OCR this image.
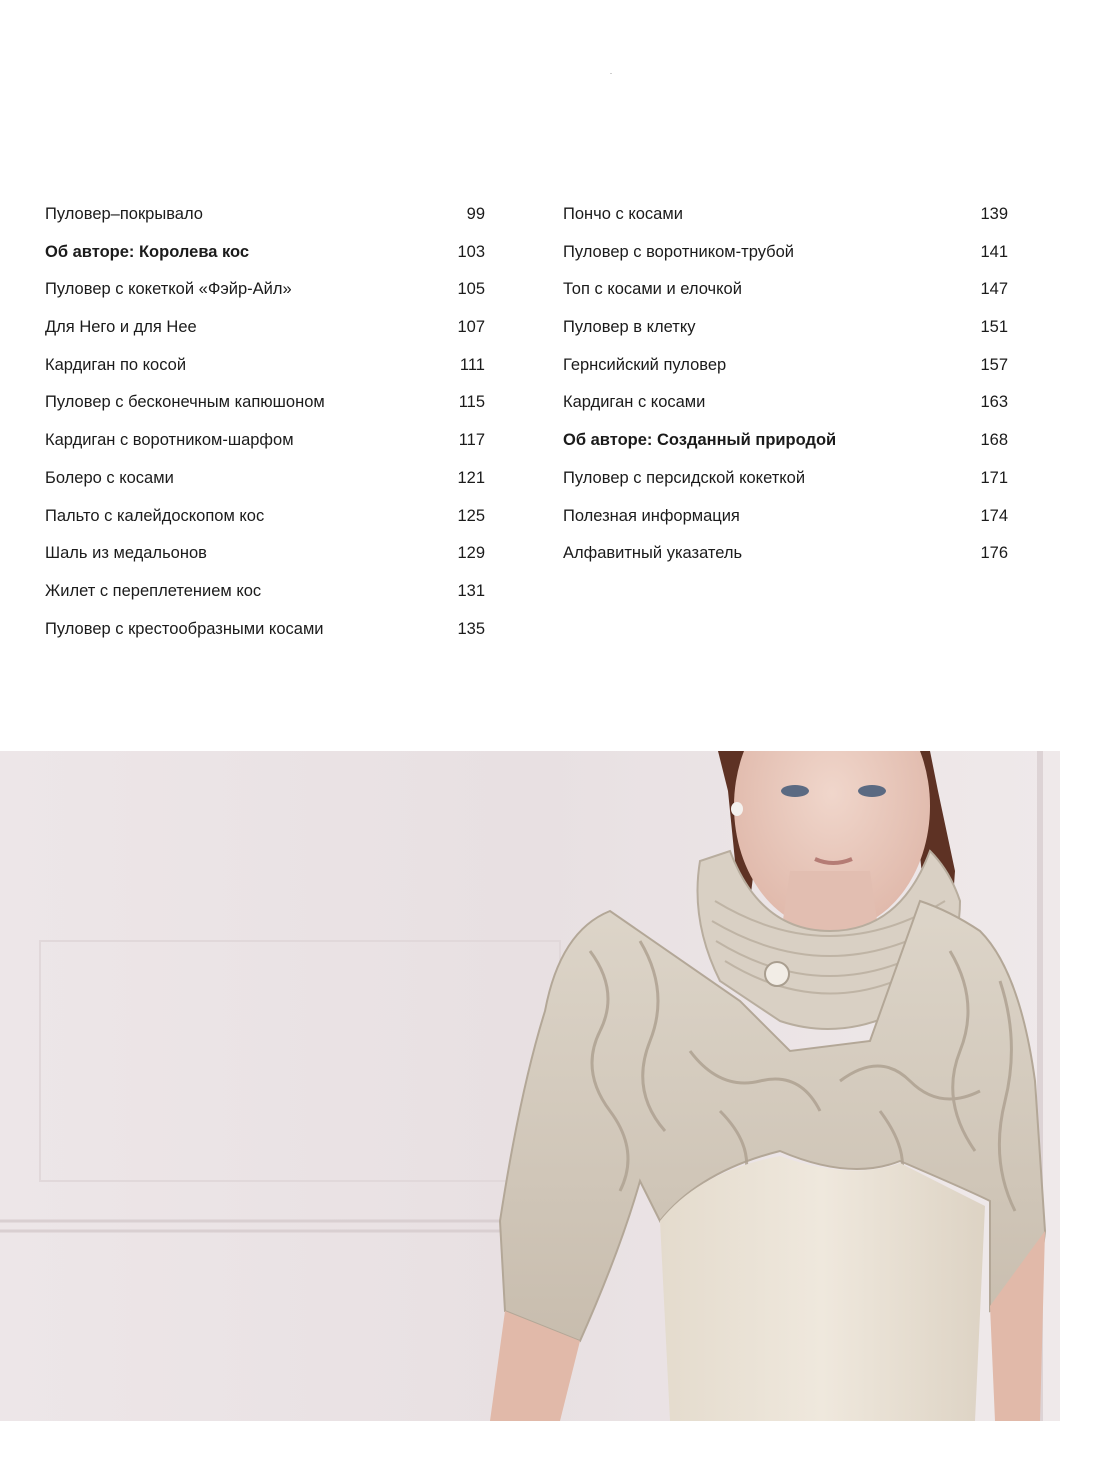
Пуловер–покрывало	99
Об авторе: Королева кос	103
Пуловер с кокеткой «Фэйр-Айл»	105
Для Него и для Нее	107
Кардиган по косой	111
Пуловер с бесконечным капюшоном	115
Кардиган с воротником-шарфом	117
Болеро с косами	121
Пальто с калейдоскопом кос	125
Шаль из медальонов	129
Жилет с переплетением кос	131
Пуловер с крестообразными косами	135
Пончо с косами	139
Пуловер с воротником-трубой	141
Топ с косами и елочкой	147
Пуловер в клетку	151
Гернсийский пуловер	157
Кардиган с косами	163
Об авторе: Созданный природой	168
Пуловер с персидской кокеткой	171
Полезная информация	174
Алфавитный указатель	176
